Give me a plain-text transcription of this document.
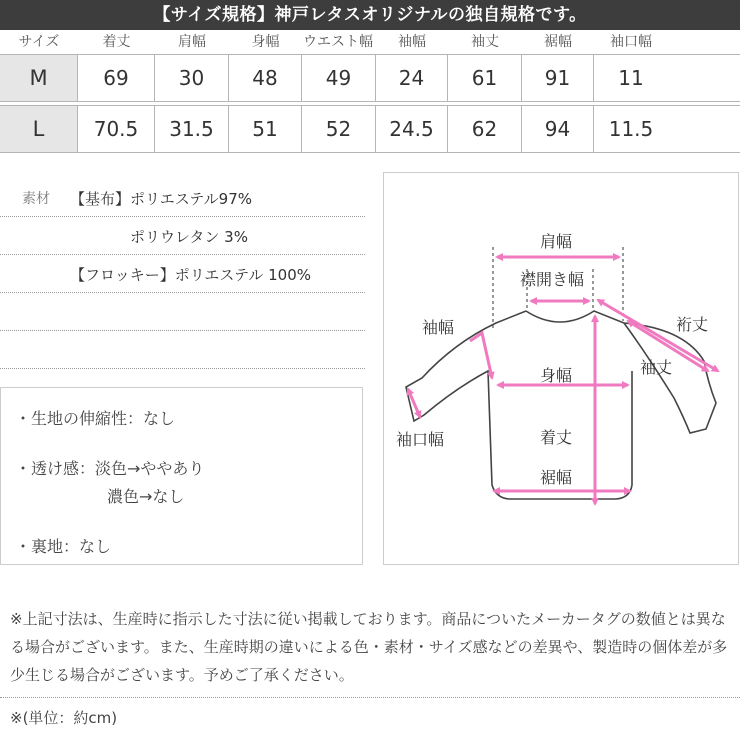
【サイズ規格】神戸レタスオリジナルの独自規格です。
サイズ	着丈	肩幅	身幅	ウエスト幅	袖幅	袖丈	裾幅	袖口幅
M	69	30	48	49	24	61	91	11
L	70.5	31.5	51	52	24.5	62	94	11.5
素材 【基布】ポリエステル97%
ポリウレタン 3%
【フロッキー】ポリエステル 100%
・生地の伸縮性：なし
・透け感：淡色→ややあり
濃色→なし
・裏地：なし
肩幅
襟開き幅
裄丈
袖幅
袖丈
身幅
袖口幅	着丈
裾幅
※上記寸法は、生産時に指示した寸法に従い掲載しております。商品についたメーカータグの数値とは異なる場合がございます。また、生産時期の違いによる色・素材・サイズ感などの差異や、製造時の個体差が多少生じる場合がございます。予めご了承ください。
※(単位：約cm)
